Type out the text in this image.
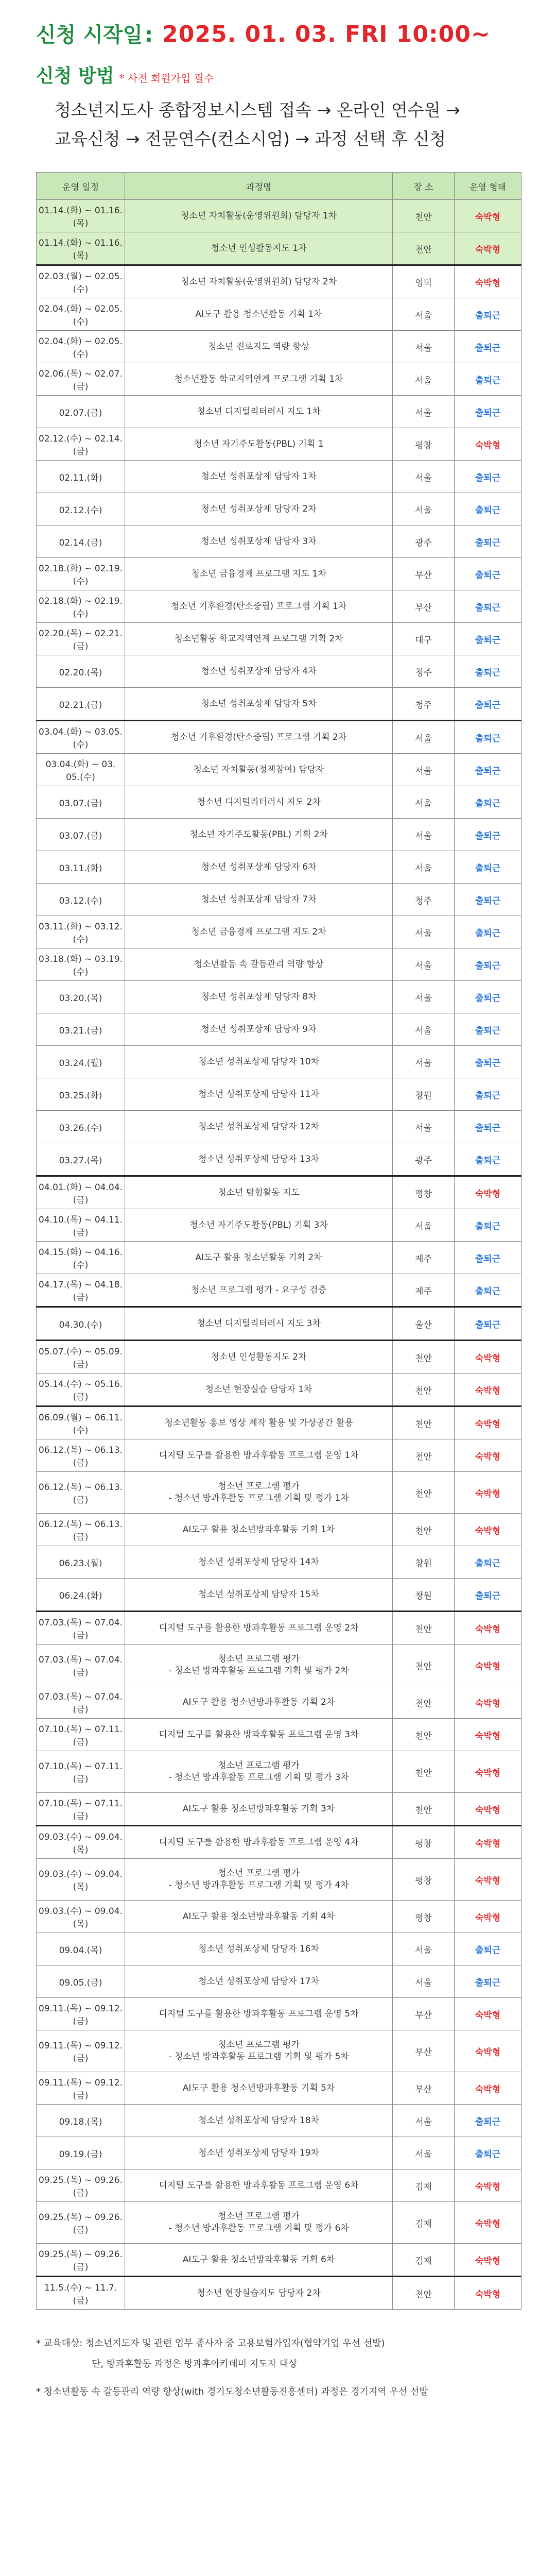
신청 시작일 : 2025. 01. 03. FRI 10:00~
신청 방법 * 사전 회원가입 필수
청소년지도사 종합정보시스템 접속 → 온라인 연수원 →
교육신청 → 전문연수(컨소시엄) → 과정 선택 후 신청
운영 일정	과정명	장 소	운영 형태
01.14.(화) ~ 01.16.(목)	청소년 자치활동(운영위원회) 담당자 1차	천안	숙박형
01.14.(화) ~ 01.16.(목)	청소년 인성활동지도 1차	천안	숙박형
02.03.(월) ~ 02.05.(수)	청소년 자치활동(운영위원회) 담당자 2차	영덕	숙박형
02.04.(화) ~ 02.05.(수)	AI도구 활용 청소년활동 기획 1차	서울	출퇴근
02.04.(화) ~ 02.05.(수)	청소년 진로지도 역량 향상	서울	출퇴근
02.06.(목) ~ 02.07.(금)	청소년활동 학교지역연계 프로그램 기획 1차	서울	출퇴근
02.07.(금)	청소년 디지털리터러시 지도 1차	서울	출퇴근
02.12.(수) ~ 02.14.(금)	청소년 자기주도활동(PBL) 기획 1	평창	숙박형
02.11.(화)	청소년 성취포상제 담당자 1차	서울	출퇴근
02.12.(수)	청소년 성취포상제 담당자 2차	서울	출퇴근
02.14.(금)	청소년 성취포상제 담당자 3차	광주	출퇴근
02.18.(화) ~ 02.19.(수)	청소년 금융경제 프로그램 지도 1차	부산	출퇴근
02.18.(화) ~ 02.19.(수)	청소년 기후환경(탄소중립) 프로그램 기획 1차	부산	출퇴근
02.20.(목) ~ 02.21.(금)	청소년활동 학교지역연계 프로그램 기획 2차	대구	출퇴근
02.20.(목)	청소년 성취포상제 담당자 4차	청주	출퇴근
02.21.(금)	청소년 성취포상제 담당자 5차	청주	출퇴근
03.04.(화) ~ 03.05.(수)	청소년 기후환경(탄소중립) 프로그램 기획 2차	서울	출퇴근
03.04.(화) ~ 03. 05.(수)	청소년 자치활동(정책참여) 담당자	서울	출퇴근
03.07.(금)	청소년 디지털리터러시 지도 2차	서울	출퇴근
03.07.(금)	청소년 자기주도활동(PBL) 기획 2차	서울	출퇴근
03.11.(화)	청소년 성취포상제 담당자 6차	서울	출퇴근
03.12.(수)	청소년 성취포상제 담당자 7차	청주	출퇴근
03.11.(화) ~ 03.12.(수)	청소년 금융경제 프로그램 지도 2차	서울	출퇴근
03.18.(화) ~ 03.19.(수)	청소년활동 속 갈등관리 역량 향상	서울	출퇴근
03.20.(목)	청소년 성취포상제 담당자 8차	서울	출퇴근
03.21.(금)	청소년 성취포상제 담당자 9차	서울	출퇴근
03.24.(월)	청소년 성취포상제 담당자 10차	서울	출퇴근
03.25.(화)	청소년 성취포상제 담당자 11차	창원	출퇴근
03.26.(수)	청소년 성취포상제 담당자 12차	서울	출퇴근
03.27.(목)	청소년 성취포상제 담당자 13차	광주	출퇴근
04.01.(화) ~ 04.04.(금)	청소년 탐험활동 지도	평창	숙박형
04.10.(목) ~ 04.11.(금)	청소년 자기주도활동(PBL) 기획 3차	서울	출퇴근
04.15.(화) ~ 04.16.(수)	AI도구 활용 청소년활동 기획 2차	제주	출퇴근
04.17.(목) ~ 04.18.(금)	청소년 프로그램 평가 - 요구성 검증	제주	출퇴근
04.30.(수)	청소년 디지털리터러시 지도 3차	울산	출퇴근
05.07.(수) ~ 05.09.(금)	청소년 인성활동지도 2차	천안	숙박형
05.14.(수) ~ 05.16.(금)	청소년 현장실습 담당자 1차	천안	숙박형
06.09.(월) ~ 06.11.(수)	청소년활동 홍보 영상 제작 활용 및 가상공간 활용	천안	숙박형
06.12.(목) ~ 06.13.(금)	디지털 도구를 활용한 방과후활동 프로그램 운영 1차	천안	숙박형
06.12.(목) ~ 06.13.(금)	청소년 프로그램 평가
- 청소년 방과후활동 프로그램 기획 및 평가 1차	천안	숙박형
06.12.(목) ~ 06.13.(금)	AI도구 활용 청소년방과후활동 기획 1차	천안	숙박형
06.23.(월)	청소년 성취포상제 담당자 14차	창원	출퇴근
06.24.(화)	청소년 성취포상제 담당자 15차	창원	출퇴근
07.03.(목) ~ 07.04.(금)	디지털 도구를 활용한 방과후활동 프로그램 운영 2차	천안	숙박형
07.03.(목) ~ 07.04.(금)	청소년 프로그램 평가
- 청소년 방과후활동 프로그램 기획 및 평가 2차	천안	숙박형
07.03.(목) ~ 07.04.(금)	AI도구 활용 청소년방과후활동 기획 2차	천안	숙박형
07.10.(목) ~ 07.11.(금)	디지털 도구를 활용한 방과후활동 프로그램 운영 3차	천안	숙박형
07.10.(목) ~ 07.11.(금)	청소년 프로그램 평가
- 청소년 방과후활동 프로그램 기획 및 평가 3차	천안	숙박형
07.10.(목) ~ 07.11.(금)	AI도구 활용 청소년방과후활동 기획 3차	천안	숙박형
09.03.(수) ~ 09.04.(목)	디지털 도구를 활용한 방과후활동 프로그램 운영 4차	평창	숙박형
09.03.(수) ~ 09.04.(목)	청소년 프로그램 평가
- 청소년 방과후활동 프로그램 기획 및 평가 4차	평창	숙박형
09.03.(수) ~ 09.04.(목)	AI도구 활용 청소년방과후활동 기획 4차	평창	숙박형
09.04.(목)	청소년 성취포상제 담당자 16차	서울	출퇴근
09.05.(금)	청소년 성취포상제 담당자 17차	서울	출퇴근
09.11.(목) ~ 09.12.(금)	디지털 도구를 활용한 방과후활동 프로그램 운영 5차	부산	숙박형
09.11.(목) ~ 09.12.(금)	청소년 프로그램 평가
- 청소년 방과후활동 프로그램 기획 및 평가 5차	부산	숙박형
09.11.(목) ~ 09.12.(금)	AI도구 활용 청소년방과후활동 기획 5차	부산	숙박형
09.18.(목)	청소년 성취포상제 담당자 18차	서울	출퇴근
09.19.(금)	청소년 성취포상제 담당자 19차	서울	출퇴근
09.25.(목) ~ 09.26.(금)	디지털 도구를 활용한 방과후활동 프로그램 운영 6차	김제	숙박형
09.25.(목) ~ 09.26.(금)	청소년 프로그램 평가
- 청소년 방과후활동 프로그램 기획 및 평가 6차	김제	숙박형
09.25.(목) ~ 09.26.(금)	AI도구 활용 청소년방과후활동 기획 6차	김제	숙박형
11.5.(수) ~ 11.7.(금)	청소년 현장실습지도 담당자 2차	천안	숙박형
* 교육대상: 청소년지도자 및 관련 업무 종사자 중 고용보험가입자(협약기업 우선 선발)
단, 방과후활동 과정은 방과후아카데미 지도자 대상
* 청소년활동 속 갈등관리 역량 향상(with 경기도청소년활동진흥센터) 과정은 경기지역 우선 선발
